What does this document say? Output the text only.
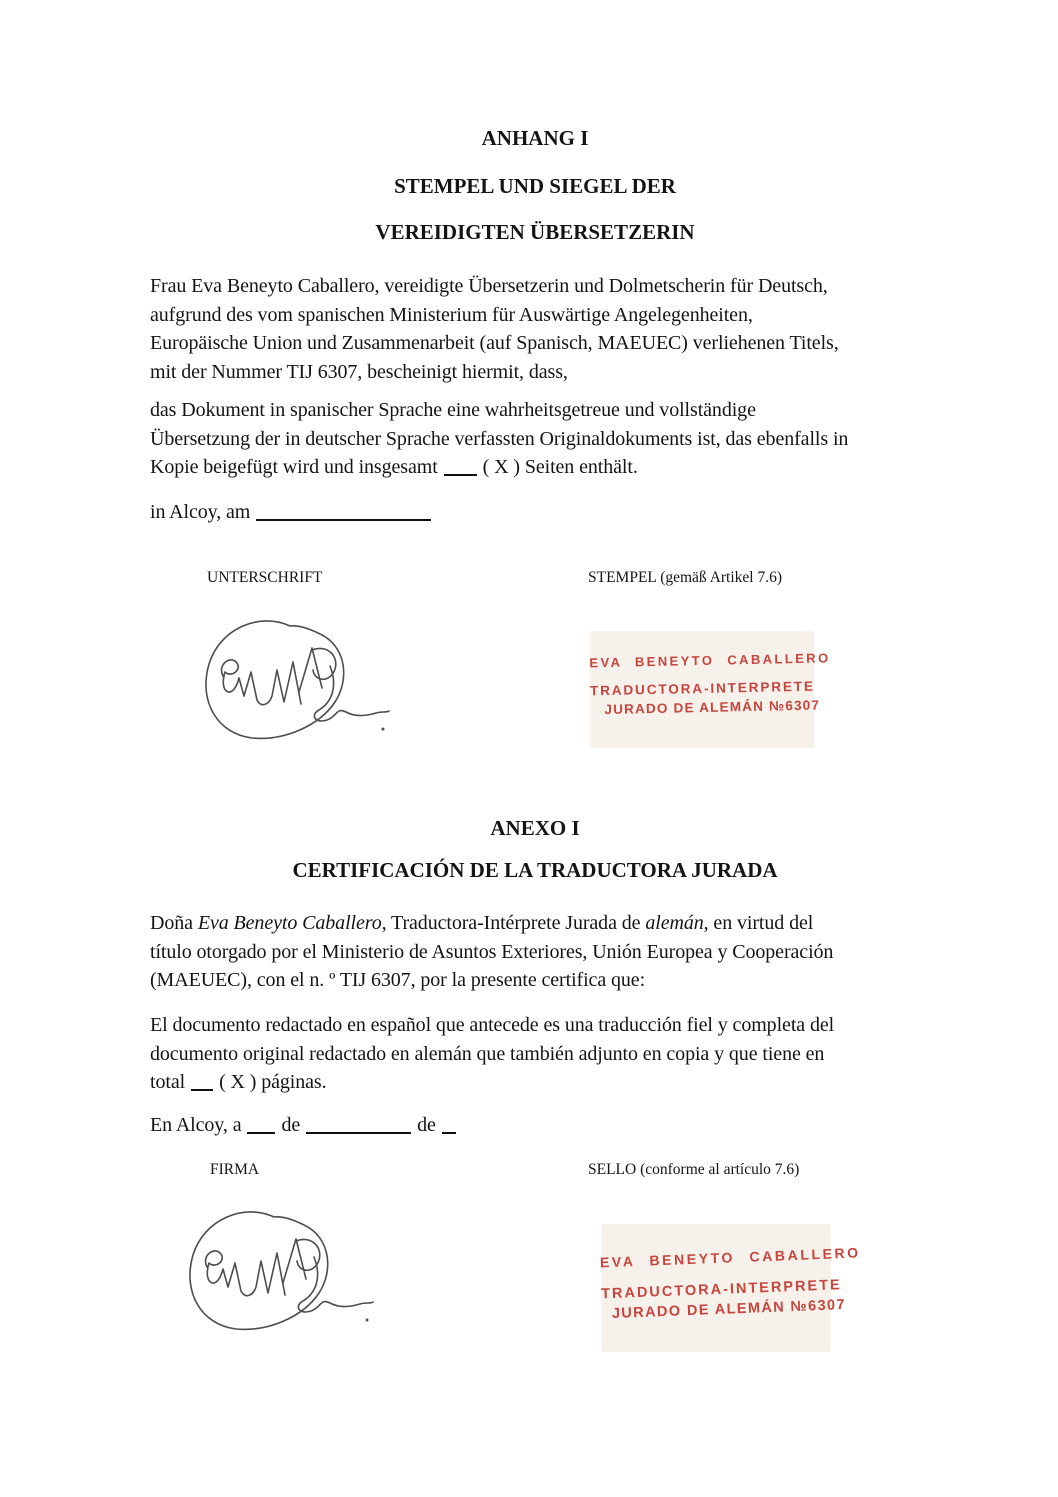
ANHANG I
STEMPEL UND SIEGEL DER
VEREIDIGTEN ÜBERSETZERIN
Frau Eva Beneyto Caballero, vereidigte Übersetzerin und Dolmetscherin für Deutsch,
aufgrund des vom spanischen Ministerium für Auswärtige Angelegenheiten,
Europäische Union und Zusammenarbeit (auf Spanisch, MAEUEC) verliehenen Titels,
mit der Nummer TIJ 6307, bescheinigt hiermit, dass,
das Dokument in spanischer Sprache eine wahrheitsgetreue und vollständige
Übersetzung der in deutscher Sprache verfassten Originaldokuments ist, das ebenfalls in
Kopie beigefügt wird und insgesamt ( X ) Seiten enthält.
in Alcoy, am
UNTERSCHRIFT	STEMPEL (gemäß Artikel 7.6)
EVA BENEYTO CABALLERO
TRADUCTORA-INTERPRETE
JURADO DE ALEMÁN №6307
ANEXO I
CERTIFICACIÓN DE LA TRADUCTORA JURADA
Doña Eva Beneyto Caballero, Traductora-Intérprete Jurada de alemán, en virtud del
título otorgado por el Ministerio de Asuntos Exteriores, Unión Europea y Cooperación
(MAEUEC), con el n. º TIJ 6307, por la presente certifica que:
El documento redactado en español que antecede es una traducción fiel y completa del
documento original redactado en alemán que también adjunto en copia y que tiene en
total ( X ) páginas.
En Alcoy, a de	de
FIRMA	SELLO (conforme al artículo 7.6)
EVA BENEYTO CABALLERO
TRADUCTORA-INTERPRETE
JURADO DE ALEMÁN №6307
